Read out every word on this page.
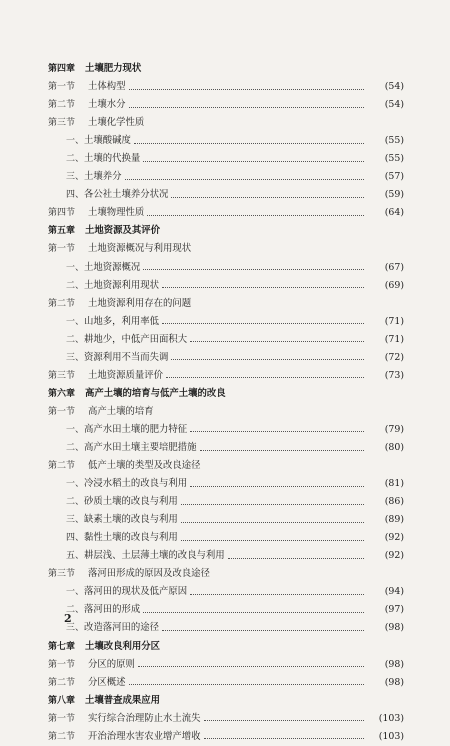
第四章	土壤肥力现状
第一节	土体构型	(54)
第二节	土壤水分	(54)
第三节	土壤化学性质
一、 土壤酸碱度	(55)
二、 土壤的代换量	(55)
三、 土壤养分	(57)
四、 各公社土壤养分状况	(59)
第四节	土壤物理性质	(64)
第五章	土地资源及其评价
第一节	土地资源概况与利用现状
一、 土地资源概况	(67)
二、 土地资源利用现状	(69)
第二节	土地资源利用存在的问题
一、 山地多，利用率低	(71)
二、 耕地少，中低产田面积大	(71)
三、 资源利用不当而失调	(72)
第三节	土地资源质量评价	(73)
第六章	高产土壤的培育与低产土壤的改良
第一节	高产土壤的培育
一、 高产水田土壤的肥力特征	(79)
二、 高产水田土壤主要培肥措施	(80)
第二节	低产土壤的类型及改良途径
一、 冷浸水稻土的改良与利用	(81)
二、 砂质土壤的改良与利用	(86)
三、 缺素土壤的改良与利用	(89)
四、 黏性土壤的改良与利用	(92)
五、 耕层浅、土层薄土壤的改良与利用	(92)
第三节	落河田形成的原因及改良途径
一、 落河田的现状及低产原因	(94)
二、 落河田的形成	(97)
三、 改造落河田的途径	(98)
第七章	土壤改良利用分区
第一节	分区的原则	(98)
第二节	分区概述	(98)
第八章	土壤普查成果应用
第一节	实行综合治理防止水土流失	(103)
第二节	开治治理水害农业增产增收	(103)
2
